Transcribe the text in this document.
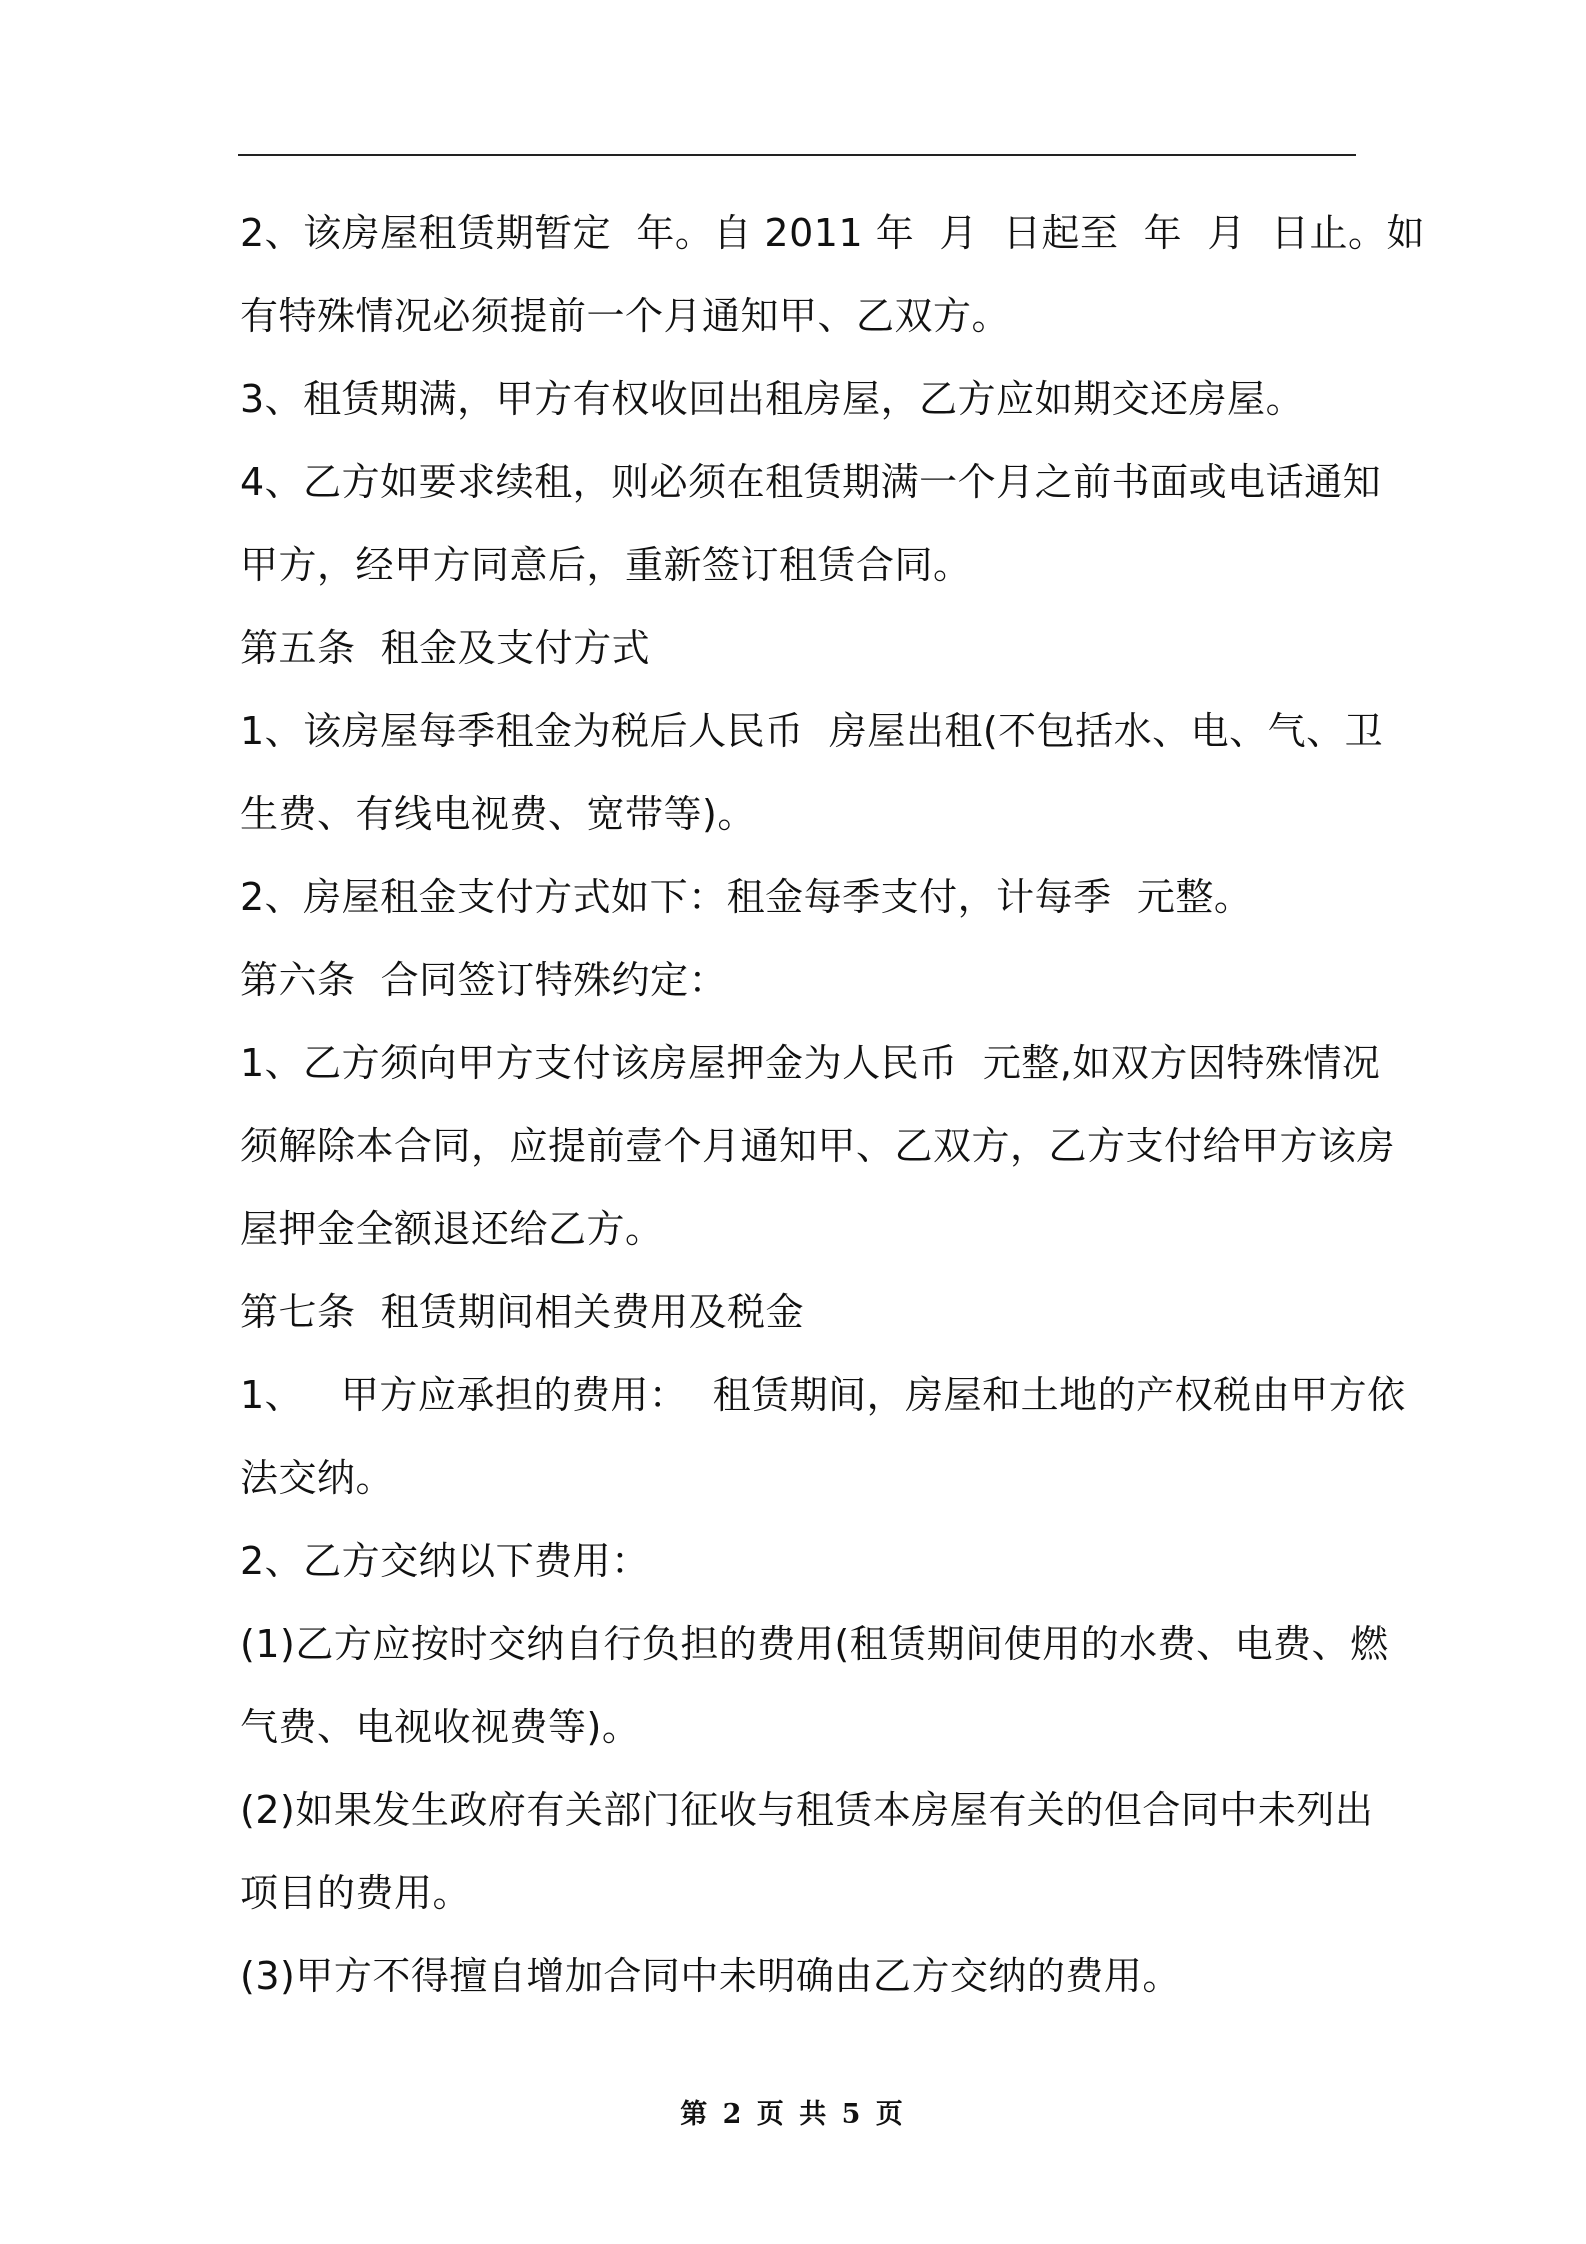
2、该房屋租赁期暂定  年。自 2011 年  月  日起至  年  月  日止。如
有特殊情况必须提前一个月通知甲、乙双方。
3、租赁期满，甲方有权收回出租房屋，乙方应如期交还房屋。
4、乙方如要求续租，则必须在租赁期满一个月之前书面或电话通知
甲方，经甲方同意后，重新签订租赁合同。
第五条  租金及支付方式
1、该房屋每季租金为税后人民币  房屋出租(不包括水、电、气、卫
生费、有线电视费、宽带等)。
2、房屋租金支付方式如下：租金每季支付，计每季  元整。
第六条  合同签订特殊约定：
1、乙方须向甲方支付该房屋押金为人民币  元整,如双方因特殊情况
须解除本合同，应提前壹个月通知甲、乙双方，乙方支付给甲方该房
屋押金全额退还给乙方。
第七条  租赁期间相关费用及税金
1、   甲方应承担的费用：  租赁期间，房屋和土地的产权税由甲方依
法交纳。
2、乙方交纳以下费用：
(1)乙方应按时交纳自行负担的费用(租赁期间使用的水费、电费、燃
气费、电视收视费等)。
(2)如果发生政府有关部门征收与租赁本房屋有关的但合同中未列出
项目的费用。
(3)甲方不得擅自增加合同中未明确由乙方交纳的费用。
第 2 页 共 5 页
